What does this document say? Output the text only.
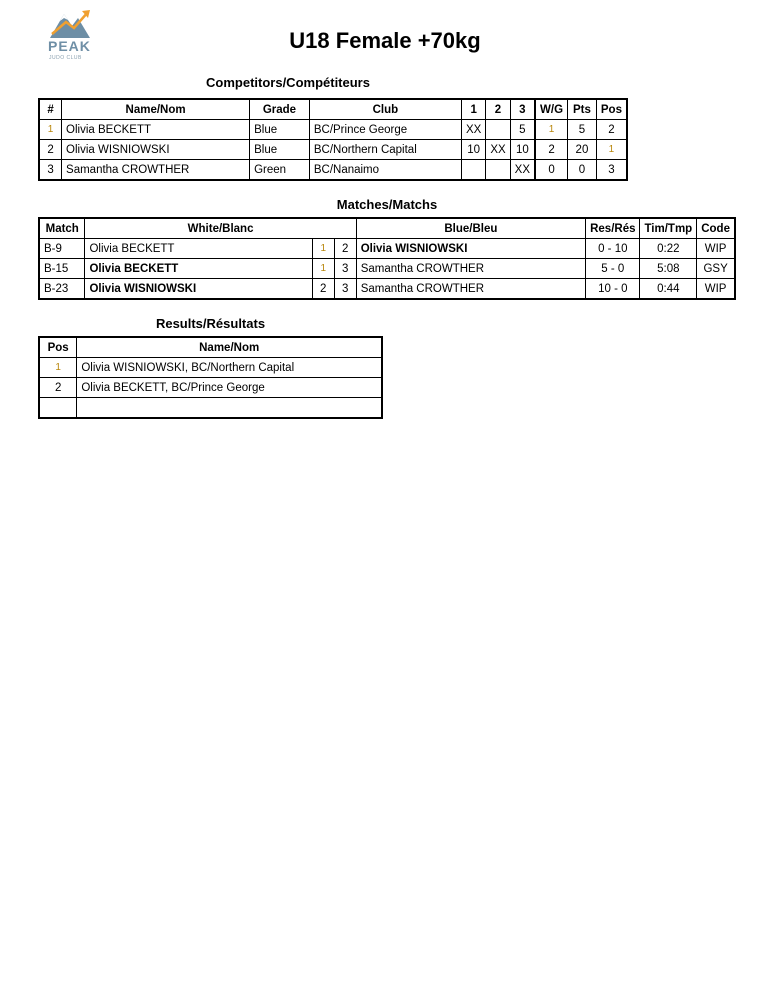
PEAK
JUDO CLUB
U18 Female +70kg
Competitors/Compétiteurs
#	Name/Nom	Grade	Club	1	2	3	W/G	Pts	Pos
1	Olivia BECKETT	Blue	BC/Prince George	XX		5	1	5	2
2	Olivia WISNIOWSKI	Blue	BC/Northern Capital	10	XX	10	2	20	1
3	Samantha CROWTHER	Green	BC/Nanaimo			XX	0	0	3
Matches/Matchs
Match	White/Blanc			Blue/Bleu	Res/Rés	Tim/Tmp	Code
B-9	Olivia BECKETT	1	2	Olivia WISNIOWSKI	0 - 10	0:22	WIP
B-15	Olivia BECKETT	1	3	Samantha CROWTHER	5 - 0	5:08	GSY
B-23	Olivia WISNIOWSKI	2	3	Samantha CROWTHER	10 - 0	0:44	WIP
Results/Résultats
Pos	Name/Nom
1	Olivia WISNIOWSKI, BC/Northern Capital
2	Olivia BECKETT, BC/Prince George
